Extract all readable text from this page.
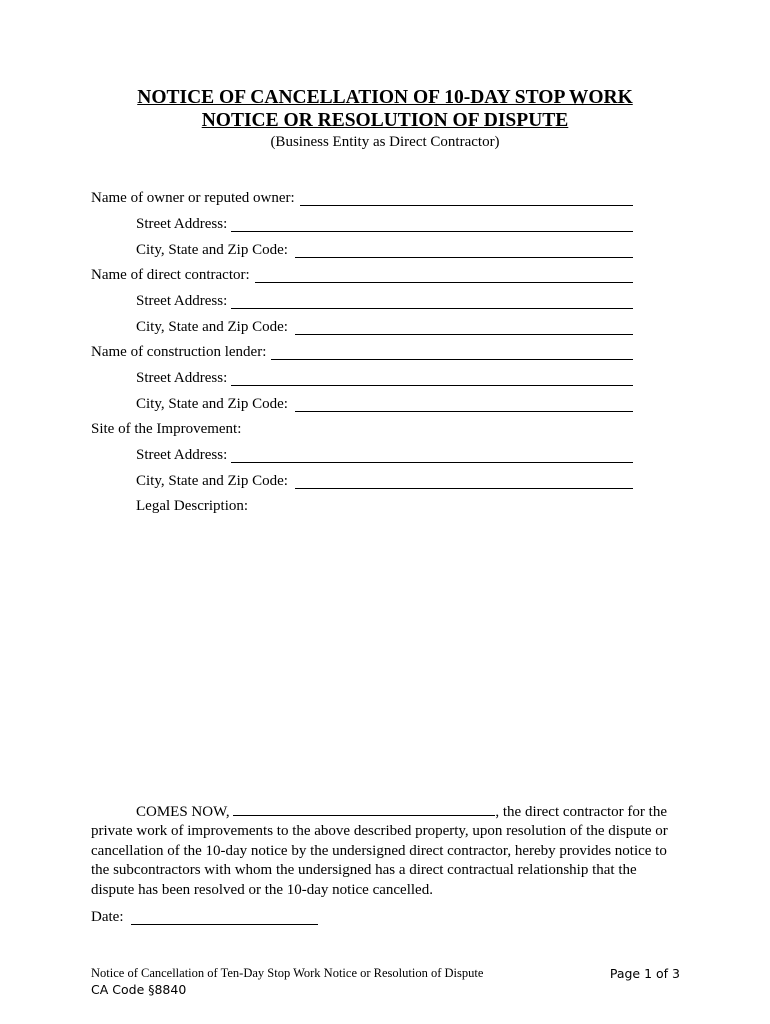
NOTICE OF CANCELLATION OF 10-DAY STOP WORK
NOTICE OR RESOLUTION OF DISPUTE
(Business Entity as Direct Contractor)
Name of owner or reputed owner:
Street Address:
City, State and Zip Code:
Name of direct contractor:
Street Address:
City, State and Zip Code:
Name of construction lender:
Street Address:
City, State and Zip Code:
Site of the Improvement:
Street Address:
City, State and Zip Code:
Legal Description:
COMES NOW,	, the direct contractor for the private work of improvements to the above described property, upon resolution of the dispute or cancellation of the 10-day notice by the undersigned direct contractor, hereby provides notice to the subcontractors with whom the undersigned has a direct contractual relationship that the dispute has been resolved or the 10-day notice cancelled.
Date:
Notice of Cancellation of Ten-Day Stop Work Notice or Resolution of Dispute	Page 1 of 3
CA Code §8840
